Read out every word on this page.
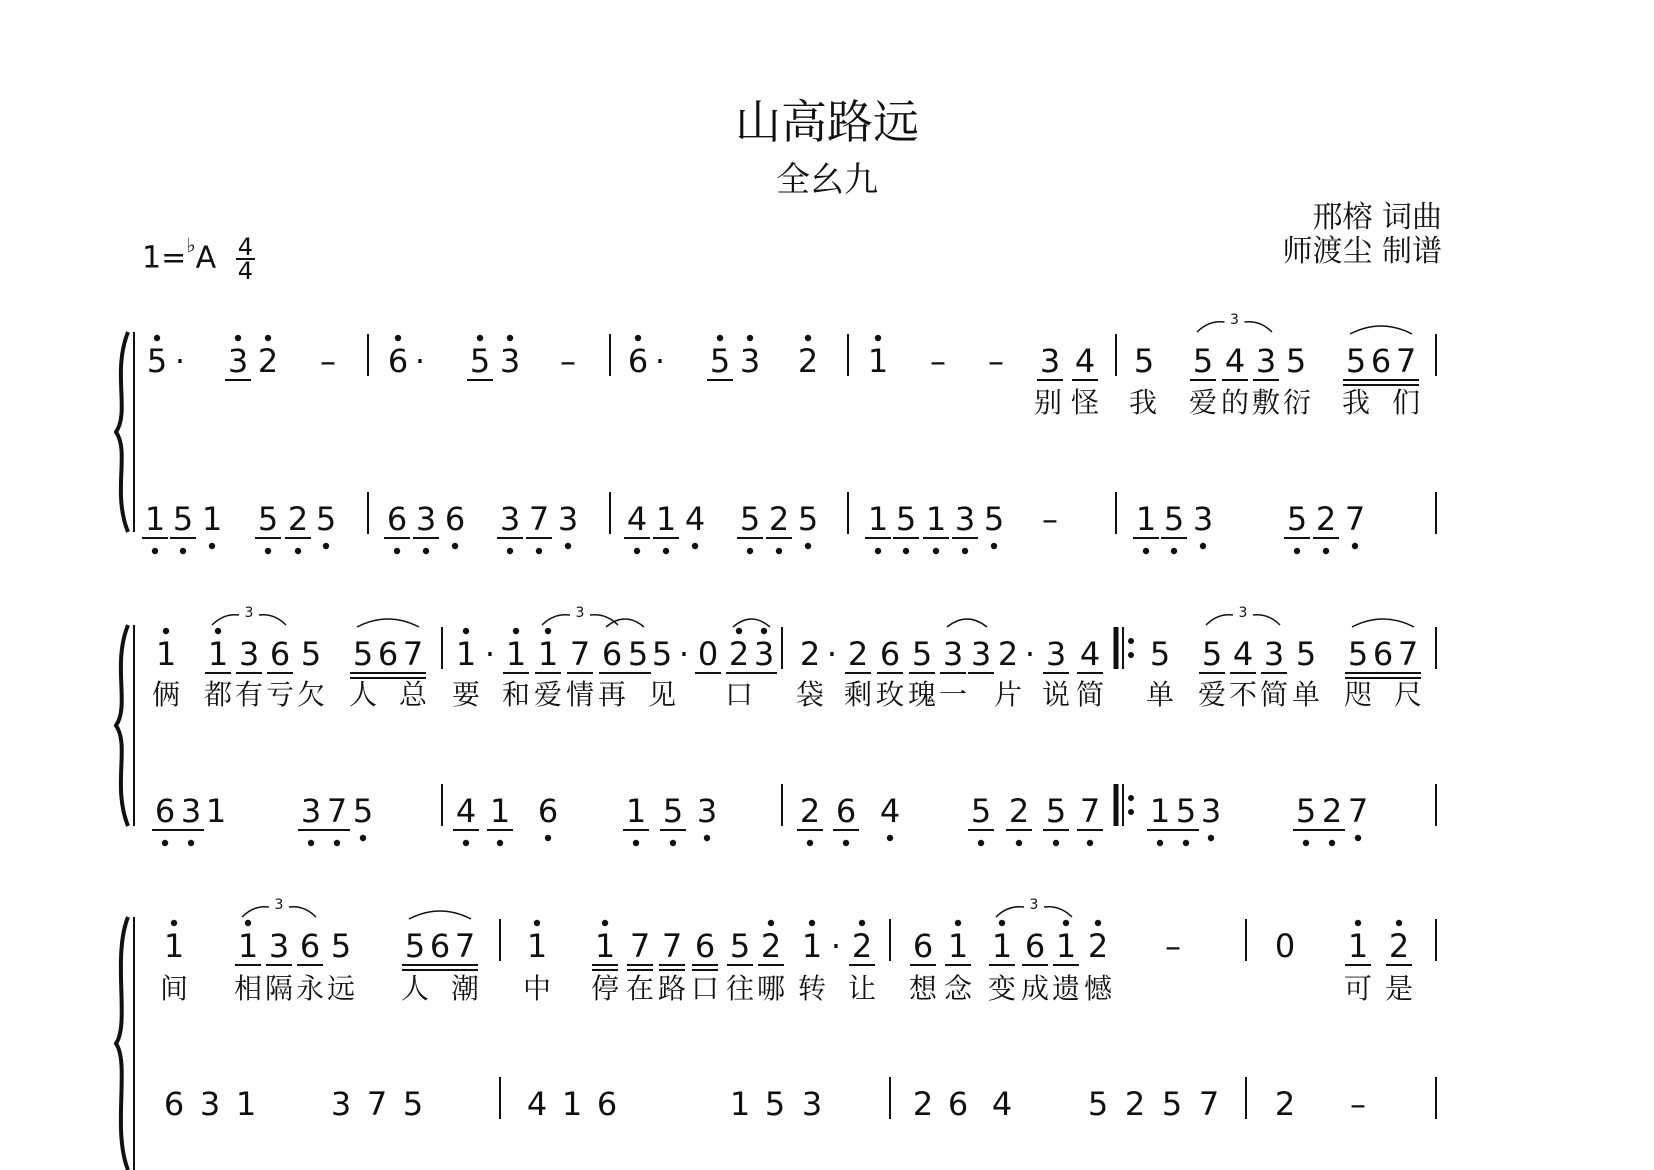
山高路远
全幺九
$1=^♭A \frac{4}{4}$
邢榕 词曲
师渡尘 制谱
5 · 3 2 – 6 · 5 3 – 6 · 5 3 2 1 – – 3 4 5 5 4 3 5 5 6 7
1 5 1 5 2 5 6 3 6 3 7 3 4 1 4 5 2 5 1 5 1 3 5 – 1 5 3 5 2 7
3
别 怪 我 爱 的 敷 衍 我 们
1 1 3 6 5 5 6 7 1 · 1 1 7 6 5 5 · 0 2 3 2 · 2 6 5 3 3 2 · 3 4 5 5 4 3 5 5 6 7
6 3 1 3 7 5	4 1 6 1 5 3	2 6 4 5 2 5 7 1 5 3 5 2 7
3	3	3
俩 都 有 亏 欠 人 总 要 和 爱 情 再 见 口 袋 剩 玫 瑰 一 片 说 简 单 爱 不 简 单 咫 尺
1 1 3 6 5 5 6 7 1 1 7 7 6 5 2 1 · 2 6 1 1 6 1 2 –	0 1 2
6 3 1 3 7 5	4 1 6	1 5 3	2 6 4 5 2 5 7 2 –
3	3
间 相 隔 永 远 人 潮 中 停 在 路 口 往 哪 转 让 想 念 变 成 遗 憾	可 是
